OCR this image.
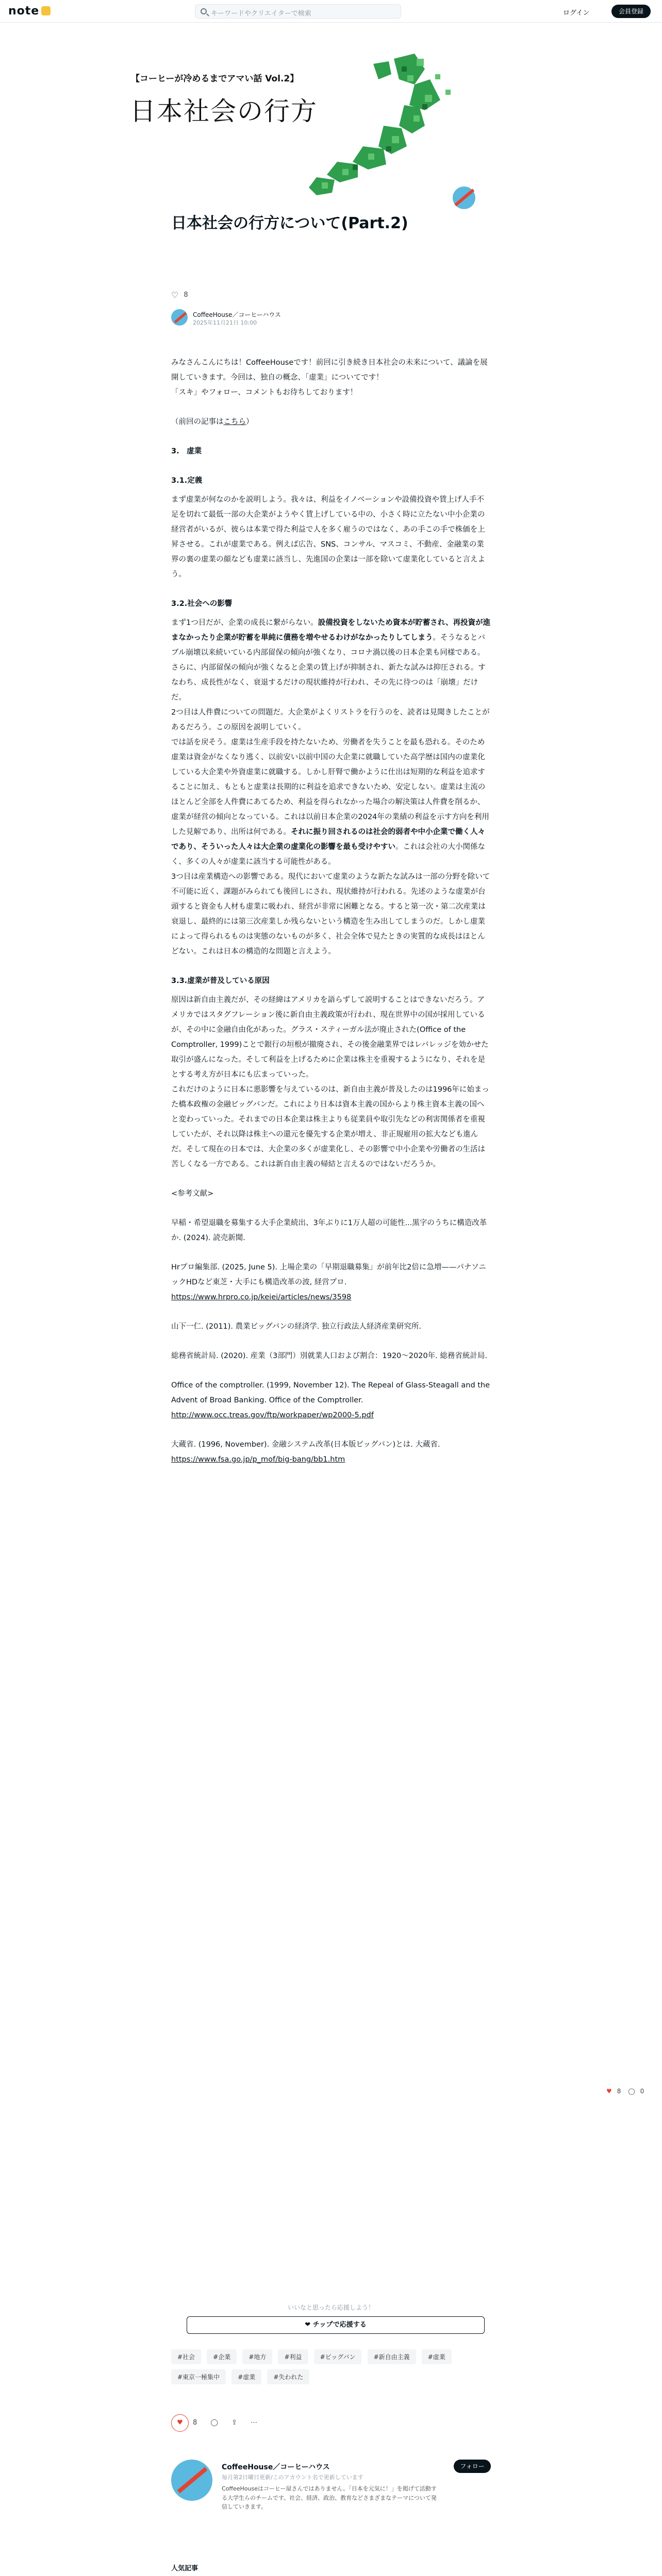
note	キーワードやクリエイターで検索	ログイン	会員登録
【コーヒーが冷めるまでアマい話 Vol.2】
日本社会の行方
日本社会の行方について(Part.2)
♡ 8
CoffeeHouse／コーヒーハウス
2025年11月21日 10:00
みなさんこんにちは！CoffeeHouseです！前回に引き続き日本社会の未来について、議論を展開していきます。今回は、独自の概念、「虚業」についてです！
「スキ」やフォロー、コメントもお待ちしております！
（前回の記事はこちら）
3.　虚業
3.1.定義
まず虚業が何なのかを説明しよう。我々は、利益をイノベーションや設備投資や賃上げ人手不足を切れて最低一部の大企業がようやく賃上げしている中の、小さく時に立たない中小企業の経営者がいるが、彼らは本業で得た利益で人を多く雇うのではなく、あの手この手で株価を上昇させる。これが虚業である。例えば広告、SNS、コンサル、マスコミ、不動産、金融業の業界の裏の虚業の顔なども虚業に該当し、先進国の企業は一部を除いて虚業化していると言えよう。
3.2.社会への影響
まず1つ目だが、企業の成長に繋がらない。設備投資をしないため資本が貯蓄され、再投資が進まなかったり企業が貯蓄を単純に債務を増やせるわけがなかったりしてしまう。そうなるとバブル崩壊以来続いている内部留保の傾向が強くなり、コロナ渦以後の日本企業も同様である。さらに、内部留保の傾向が強くなると企業の賃上げが抑制され、新たな試みは抑圧される。すなわち、成長性がなく、衰退するだけの現状維持が行われ、その先に待つのは「崩壊」だけだ。
2つ目は人件費についての問題だ。大企業がよくリストラを行うのを、読者は見聞きしたことがあるだろう。この原因を説明していく。
では話を戻そう。虚業は生産手段を持たないため、労働者を失うことを最も恐れる。そのため虚業は資金がなくなり逃く、以前安い以前中国の大企業に就職していた高学歴は国内の虚業化している大企業や外資虚業に就職する。しかし肝腎で働かように仕出は短期的な利益を追求することに加え、もともと虚業は長期的に利益を追求できないため、安定しない。虚業は主流のほとんど全部を人件費にあてるため、利益を得られなかった場合の解決策は人件費を削るか、虚業が経営の傾向となっている。これは以前日本企業の2024年の業績の利益を示す方向を利用した見解であり、出所は何である。それに振り回されるのは社会的弱者や中小企業で働く人々であり、そういった人々は大企業の虚業化の影響を最も受けやすい。これは会社の大小関係なく、多くの人々が虚業に該当する可能性がある。
3つ目は産業構造への影響である。現代において虚業のような新たな試みは一部の分野を除いて不可能に近く、課題がみられても後回しにされ、現状維持が行われる。先述のような虚業が台頭すると資金も人材も虚業に吸われ、経営が非常に困難となる。すると第一次・第二次産業は衰退し、最終的には第三次産業しか残らないという構造を生み出してしまうのだ。しかし虚業によって得られるものは実態のないものが多く、社会全体で見たときの実質的な成長はほとんどない。これは日本の構造的な問題と言えよう。
3.3.虚業が普及している原因
原因は新自由主義だが、その経緯はアメリカを語らずして説明することはできないだろう。アメリカではスタグフレーション後に新自由主義政策が行われ、現在世界中の国が採用しているが、その中に金融自由化があった。グラス・スティーガル法が廃止された(Office of the Comptroller, 1999)ことで銀行の垣根が撤廃され、その後金融業界ではレバレッジを効かせた取引が盛んになった。そして利益を上げるために企業は株主を重視するようになり、それを是とする考え方が日本にも広まっていった。
これだけのように日本に悪影響を与えているのは、新自由主義が普及したのは1996年に始まった橋本政権の金融ビッグバンだ。これにより日本は資本主義の国からより株主資本主義の国へと変わっていった。それまでの日本企業は株主よりも従業員や取引先などの利害関係者を重視していたが、それ以降は株主への還元を優先する企業が増え、非正規雇用の拡大なども進んだ。そして現在の日本では、大企業の多くが虚業化し、その影響で中小企業や労働者の生活は苦しくなる一方である。これは新自由主義の帰結と言えるのではないだろうか。
<参考文献>
早稲・希望退職を募集する大手企業続出、3年ぶりに1万人超の可能性...黒字のうちに構造改革か. (2024). 読売新聞.
Hrプロ編集部. (2025, June 5). 上場企業の「早期退職募集」が前年比2倍に急増——パナソニックHDなど東芝・大手にも構造改革の波, 経営プロ.
https://www.hrpro.co.jp/keiei/articles/news/3598
山下一仁. (2011). 農業ビッグバンの経済学. 独立行政法人経済産業研究所.
総務省統計局. (2020). 産業（3部門）別就業人口および割合：1920〜2020年. 総務省統計局.
Office of the comptroller. (1999, November 12). The Repeal of Glass-Steagall and the Advent of Broad Banking. Office of the Comptroller.
http://www.occ.treas.gov/ftp/workpaper/wp2000-5.pdf
大蔵省. (1996, November). 金融システム改革(日本版ビッグバン)とは. 大蔵省.
https://www.fsa.go.jp/p_mof/big-bang/bb1.htm
♥ 8 ◯ 0
いいなと思ったら応援しよう！
❤ チップで応援する
#社会	#企業	#地方	#利益	#ビッグバン	#新自由主義	#虚業 #東京一極集中	#虚業	#失われた
♥ 8 ◯ ⇪ ⋯
CoffeeHouse／コーヒーハウス
毎月第2日曜日更新/このアカウント名で更新しています
CoffeeHouseはコーヒー屋さんではありません。「日本を元気に！」を掲げて活動する大学生らのチームです。社会、経済、政治、教育などさまざまなテーマについて発信していきます。
フォロー
人気記事
